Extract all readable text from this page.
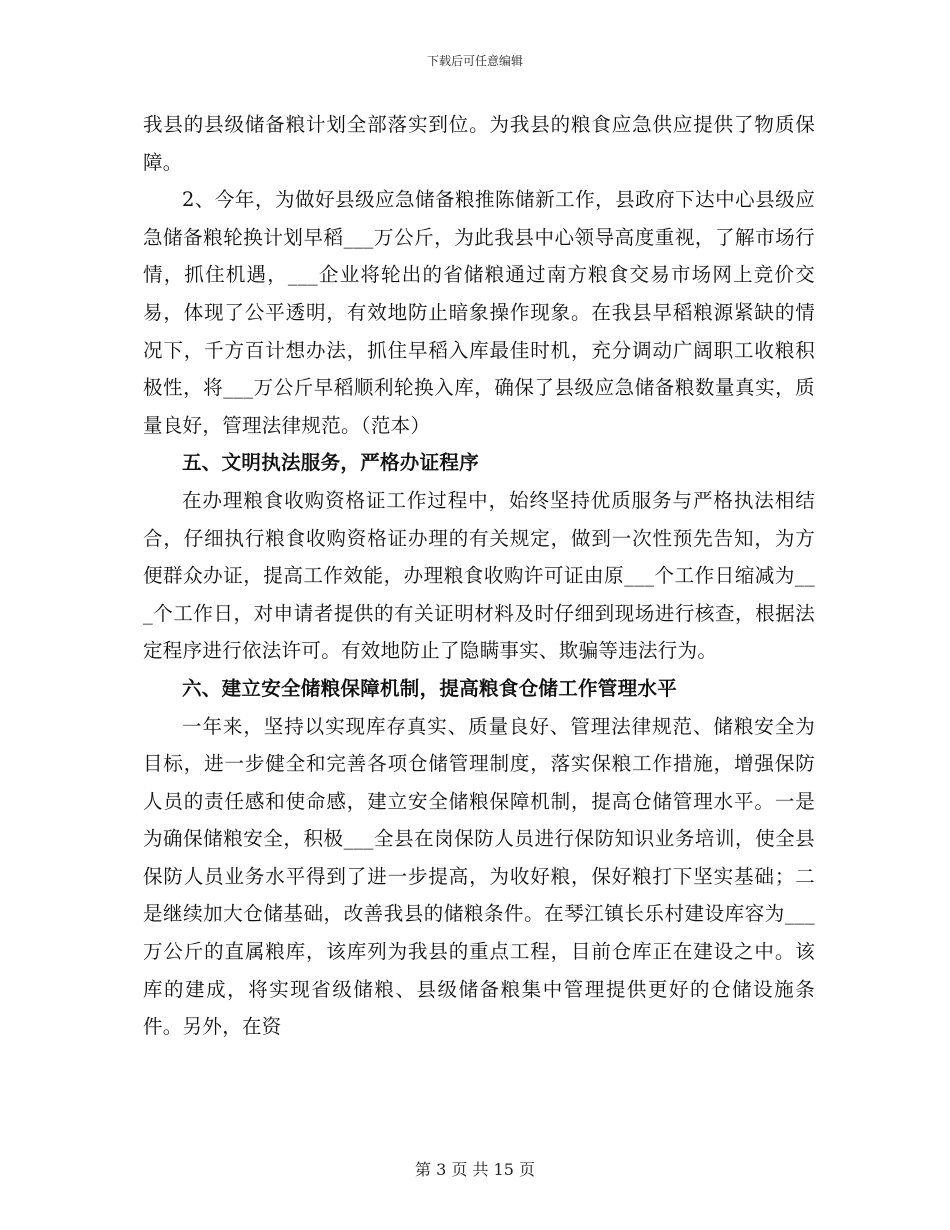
下载后可任意编辑

我县的县级储备粮计划全部落实到位。为我县的粮食应急供应提供了物质保障。

2、今年，为做好县级应急储备粮推陈储新工作，县政府下达中心县级应急储备粮轮换计划早稻___万公斤，为此我县中心领导高度重视，了解市场行情，抓住机遇，___企业将轮出的省储粮通过南方粮食交易市场网上竞价交易，体现了公平透明，有效地防止暗象操作现象。在我县早稻粮源紧缺的情况下，千方百计想办法，抓住早稻入库最佳时机，充分调动广阔职工收粮积极性，将___万公斤早稻顺利轮换入库，确保了县级应急储备粮数量真实，质量良好，管理法律规范。（范本）

五、文明执法服务，严格办证程序

在办理粮食收购资格证工作过程中，始终坚持优质服务与严格执法相结合，仔细执行粮食收购资格证办理的有关规定，做到一次性预先告知，为方便群众办证，提高工作效能，办理粮食收购许可证由原___个工作日缩减为___个工作日，对申请者提供的有关证明材料及时仔细到现场进行核查，根据法定程序进行依法许可。有效地防止了隐瞒事实、欺骗等违法行为。

六、建立安全储粮保障机制，提高粮食仓储工作管理水平

一年来，坚持以实现库存真实、质量良好、管理法律规范、储粮安全为目标，进一步健全和完善各项仓储管理制度，落实保粮工作措施，增强保防人员的责任感和使命感，建立安全储粮保障机制，提高仓储管理水平。一是为确保储粮安全，积极___全县在岗保防人员进行保防知识业务培训，使全县保防人员业务水平得到了进一步提高，为收好粮，保好粮打下坚实基础；二是继续加大仓储基础，改善我县的储粮条件。在琴江镇长乐村建设库容为___万公斤的直属粮库，该库列为我县的重点工程，目前仓库正在建设之中。该库的建成，将实现省级储粮、县级储备粮集中管理提供更好的仓储设施条件。另外，在资

第 3 页 共 15 页
